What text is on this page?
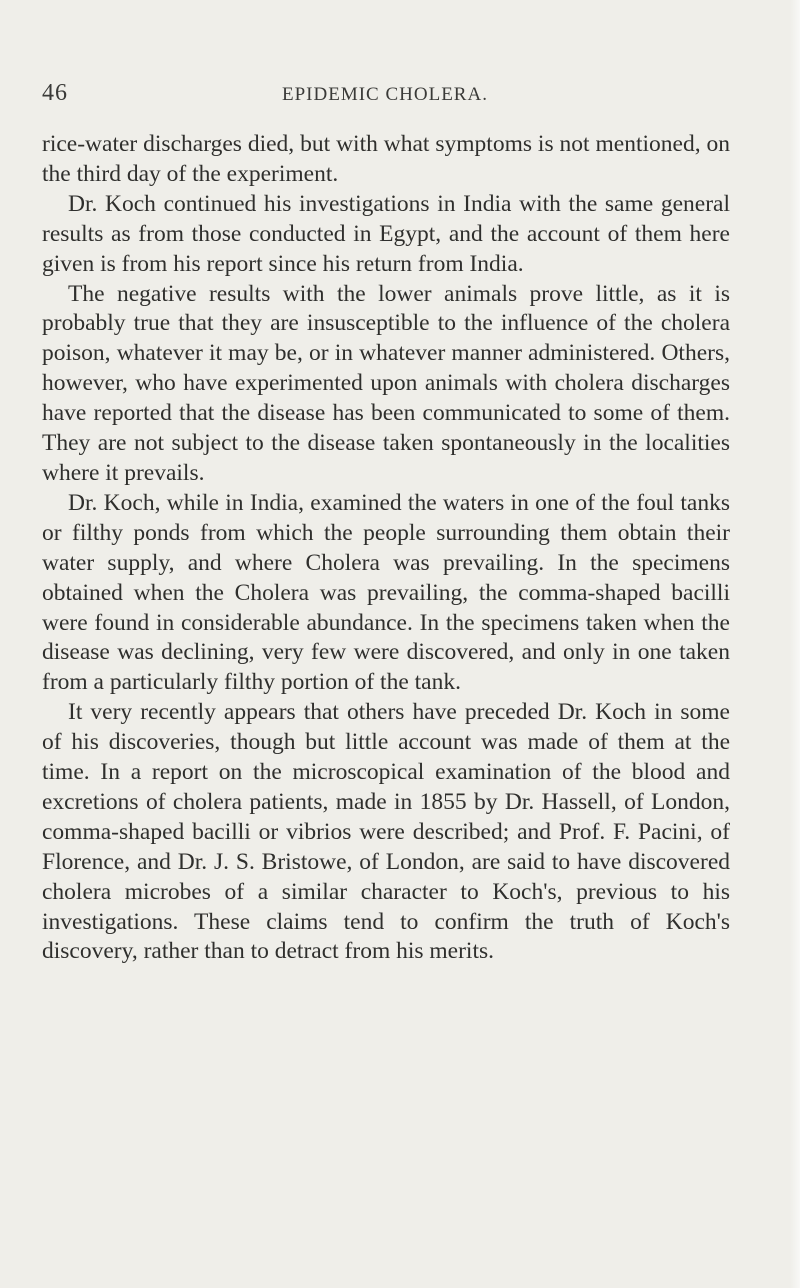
46	EPIDEMIC CHOLERA.

rice-water discharges died, but with what symptoms is not mentioned, on the third day of the experiment.

Dr. Koch continued his investigations in India with the same general results as from those conducted in Egypt, and the account of them here given is from his report since his return from India.

The negative results with the lower animals prove little, as it is probably true that they are insusceptible to the influence of the cholera poison, whatever it may be, or in whatever manner administered. Others, however, who have experimented upon animals with cholera discharges have reported that the disease has been communicated to some of them. They are not subject to the disease taken spontaneously in the localities where it prevails.

Dr. Koch, while in India, examined the waters in one of the foul tanks or filthy ponds from which the people surrounding them obtain their water supply, and where Cholera was prevailing. In the specimens obtained when the Cholera was prevailing, the comma-shaped bacilli were found in considerable abundance. In the specimens taken when the disease was declining, very few were discovered, and only in one taken from a particularly filthy portion of the tank.

It very recently appears that others have preceded Dr. Koch in some of his discoveries, though but little account was made of them at the time. In a report on the microscopical examination of the blood and excretions of cholera patients, made in 1855 by Dr. Hassell, of London, comma-shaped bacilli or vibrios were described; and Prof. F. Pacini, of Florence, and Dr. J. S. Bristowe, of London, are said to have discovered cholera microbes of a similar character to Koch's, previous to his investigations. These claims tend to confirm the truth of Koch's discovery, rather than to detract from his merits.
